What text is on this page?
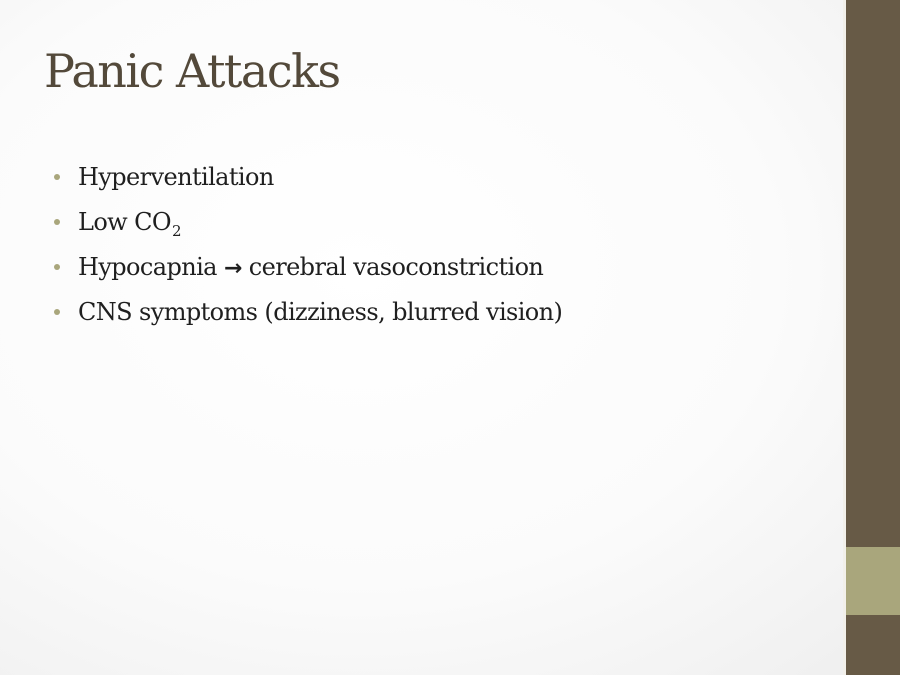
Panic Attacks
Hyperventilation
Low $CO_2$
Hypocapnia → cerebral vasoconstriction
CNS symptoms (dizziness, blurred vision)
